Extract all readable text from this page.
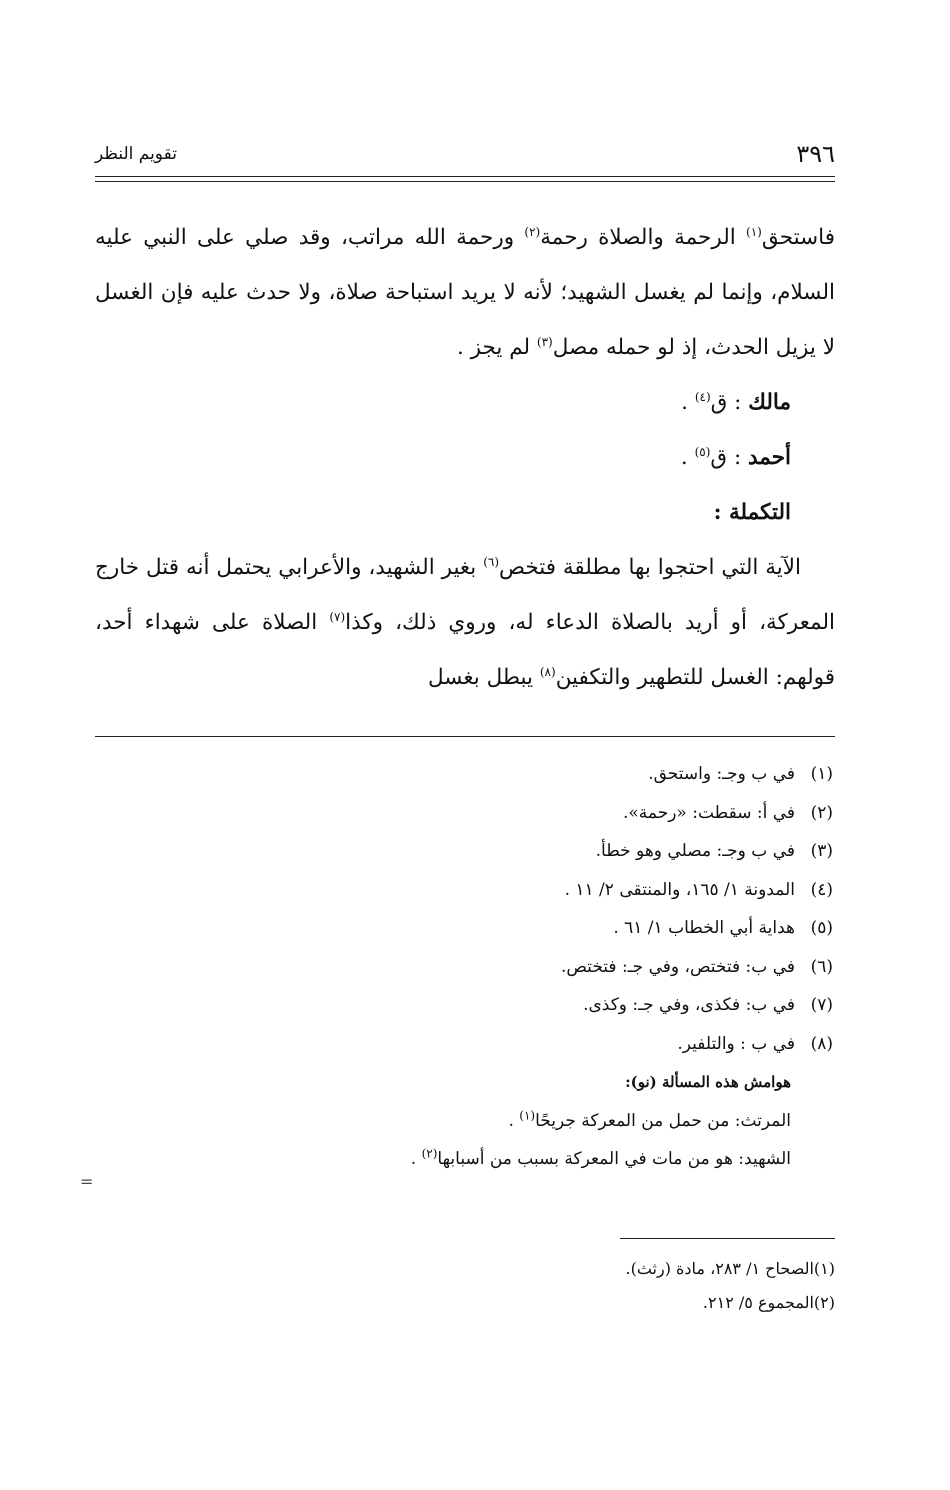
تقويم النظر	٣٩٦

فاستحق$^{(١)}$ الرحمة والصلاة رحمة$^{(٢)}$ ورحمة الله مراتب، وقد صلي على النبي عليه السلام، وإنما لم يغسل الشهيد؛ لأنه لا يريد استباحة صلاة، ولا حدث عليه فإن الغسل لا يزيل الحدث، إذ لو حمله مصل$^{(٣)}$ لم يجز .

مالك : ق$^{(٤)}$ .

أحمد : ق$^{(٥)}$ .

التكملة :

الآية التي احتجوا بها مطلقة فتخص$^{(٦)}$ بغير الشهيد، والأعرابي يحتمل أنه قتل خارج المعركة، أو أريد بالصلاة الدعاء له، وروي ذلك، وكذا$^{(٧)}$ الصلاة على شهداء أحد، قولهم: الغسل للتطهير والتكفين$^{(٨)}$ يبطل بغسل

(١)في ب وجـ: واستحق.
(٢)في أ: سقطت: «رحمة».
(٣)في ب وجـ: مصلي وهو خطأ.
(٤)المدونة ١/ ١٦٥، والمنتقى ٢/ ١١ .
(٥)هداية أبي الخطاب ١/ ٦١ .
(٦)في ب: فتختص، وفي جـ: فتختص.
(٧)في ب: فكذى، وفي جـ: وكذى.
(٨)في ب : والتلفير.
هوامش هذه المسألة (نو):
المرتث: من حمل من المعركة جريحًا$^{(١)}$ .
الشهيد: هو من مات في المعركة بسبب من أسبابها$^{(٢)}$ .
=
(١)الصحاح ١/ ٢٨٣، مادة (رثث).
(٢)المجموع ٥/ ٢١٢.
